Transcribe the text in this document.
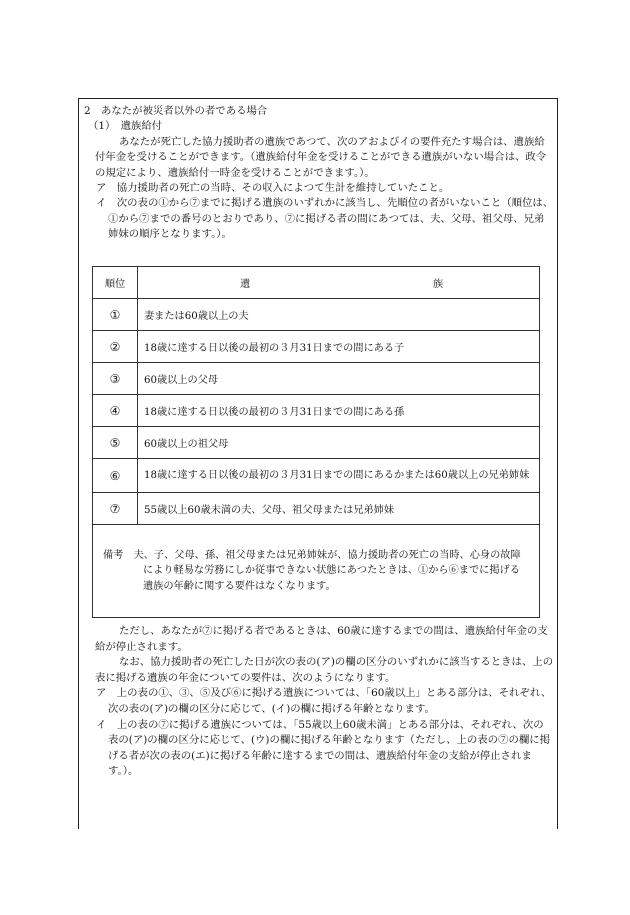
2　あなたが被災者以外の者である場合
（1）　遺族給付
あなたが死亡した協力援助者の遺族であつて、次のアおよびイの要件充たす場合は、遺族給付年金を受けることができます。（遺族給付年金を受けることができる遺族がいない場合は、政令の規定により、遺族給付一時金を受けることができます。）。
ア　協力援助者の死亡の当時、その収入によつて生計を維持していたこと。
イ　次の表の①から⑦までに掲げる遺族のいずれかに該当し、先順位の者がいないこと（順位は、①から⑦までの番号のとおりであり、⑦に掲げる者の間にあつては、夫、父母、祖父母、兄弟姉妹の順序となります。）。
順位	遺 族

①	妻または60歳以上の夫
②	18歳に達する日以後の最初の３月31日までの間にある子
③	60歳以上の父母
④	18歳に達する日以後の最初の３月31日までの間にある孫
⑤	60歳以上の祖父母
⑥	18歳に達する日以後の最初の３月31日までの間にあるかまたは60歳以上の兄弟姉妹
⑦	55歳以上60歳未満の夫、父母、祖父母または兄弟姉妹

備考　夫、子、父母、孫、祖父母または兄弟姉妹が、協力援助者の死亡の当時、心身の故障により軽易な労務にしか従事できない状態にあつたときは、①から⑥までに掲げる遺族の年齢に関する要件はなくなります。	
ただし、あなたが⑦に掲げる者であるときは、60歳に達するまでの間は、遺族給付年金の支給が停止されます。
なお、協力援助者の死亡した日が次の表の(ア)の欄の区分のいずれかに該当するときは、上の表に掲げる遺族の年金についての要件は、次のようになります。
ア　上の表の①、③、⑤及び⑥に掲げる遺族については、「60歳以上」とある部分は、それぞれ、次の表の(ア)の欄の区分に応じて、(イ)の欄に掲げる年齢となります。
イ　上の表の⑦に掲げる遺族については、「55歳以上60歳未満」とある部分は、それぞれ、次の表の(ア)の欄の区分に応じて、(ウ)の欄に掲げる年齢となります（ただし、上の表の⑦の欄に掲げる者が次の表の(エ)に掲げる年齢に達するまでの間は、遺族給付年金の支給が停止されます。）。
